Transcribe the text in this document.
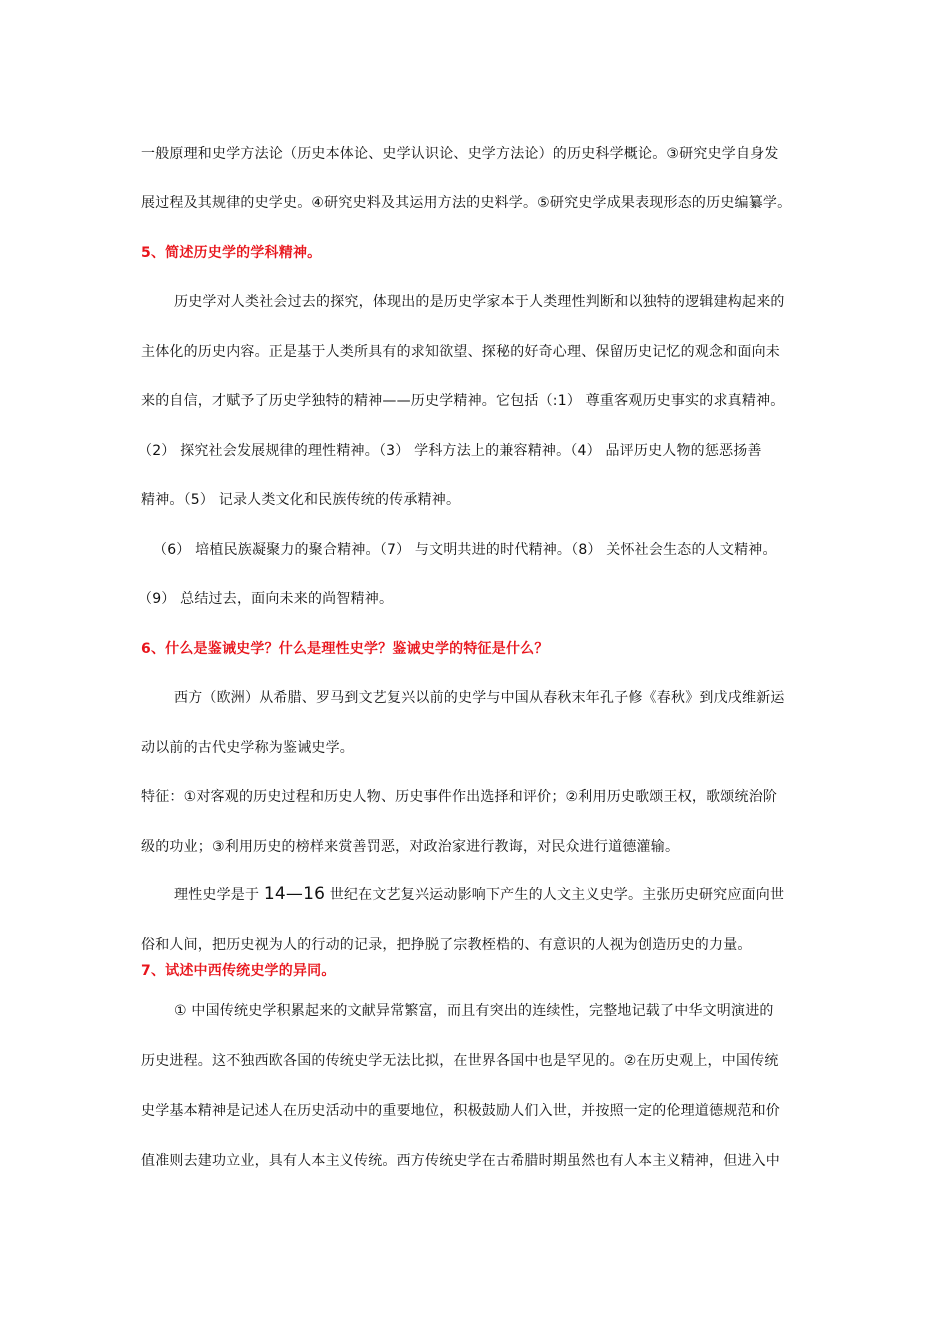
一般原理和史学方法论（历史本体论、史学认识论、史学方法论）的历史科学概论。③研究史学自身发
展过程及其规律的史学史。④研究史料及其运用方法的史料学。⑤研究史学成果表现形态的历史编纂学。
5、简述历史学的学科精神。
历史学对人类社会过去的探究，体现出的是历史学家本于人类理性判断和以独特的逻辑建构起来的
主体化的历史内容。正是基于人类所具有的求知欲望、探秘的好奇心理、保留历史记忆的观念和面向未
来的自信，才赋予了历史学独特的精神——历史学精神。它包括（:1） 尊重客观历史事实的求真精神。
（2） 探究社会发展规律的理性精神。（3） 学科方法上的兼容精神。（4） 品评历史人物的惩恶扬善
精神。（5） 记录人类文化和民族传统的传承精神。
（6） 培植民族凝聚力的聚合精神。（7） 与文明共进的时代精神。（8） 关怀社会生态的人文精神。
（9） 总结过去，面向未来的尚智精神。
6、什么是鉴诫史学？什么是理性史学？鉴诫史学的特征是什么？
西方（欧洲）从希腊、罗马到文艺复兴以前的史学与中国从春秋末年孔子修《春秋》到戊戌维新运
动以前的古代史学称为鉴诫史学。
特征：①对客观的历史过程和历史人物、历史事件作出选择和评价；②利用历史歌颂王权，歌颂统治阶
级的功业；③利用历史的榜样来赏善罚恶，对政治家进行教诲，对民众进行道德灌输。
理性史学是于 14—16 世纪在文艺复兴运动影响下产生的人文主义史学。主张历史研究应面向世
俗和人间，把历史视为人的行动的记录，把挣脱了宗教桎梏的、有意识的人视为创造历史的力量。
7、试述中西传统史学的异同。
① 中国传统史学积累起来的文献异常繁富，而且有突出的连续性，完整地记载了中华文明演进的
历史进程。这不独西欧各国的传统史学无法比拟，在世界各国中也是罕见的。②在历史观上，中国传统
史学基本精神是记述人在历史活动中的重要地位，积极鼓励人们入世，并按照一定的伦理道德规范和价
值准则去建功立业，具有人本主义传统。西方传统史学在古希腊时期虽然也有人本主义精神，但进入中
